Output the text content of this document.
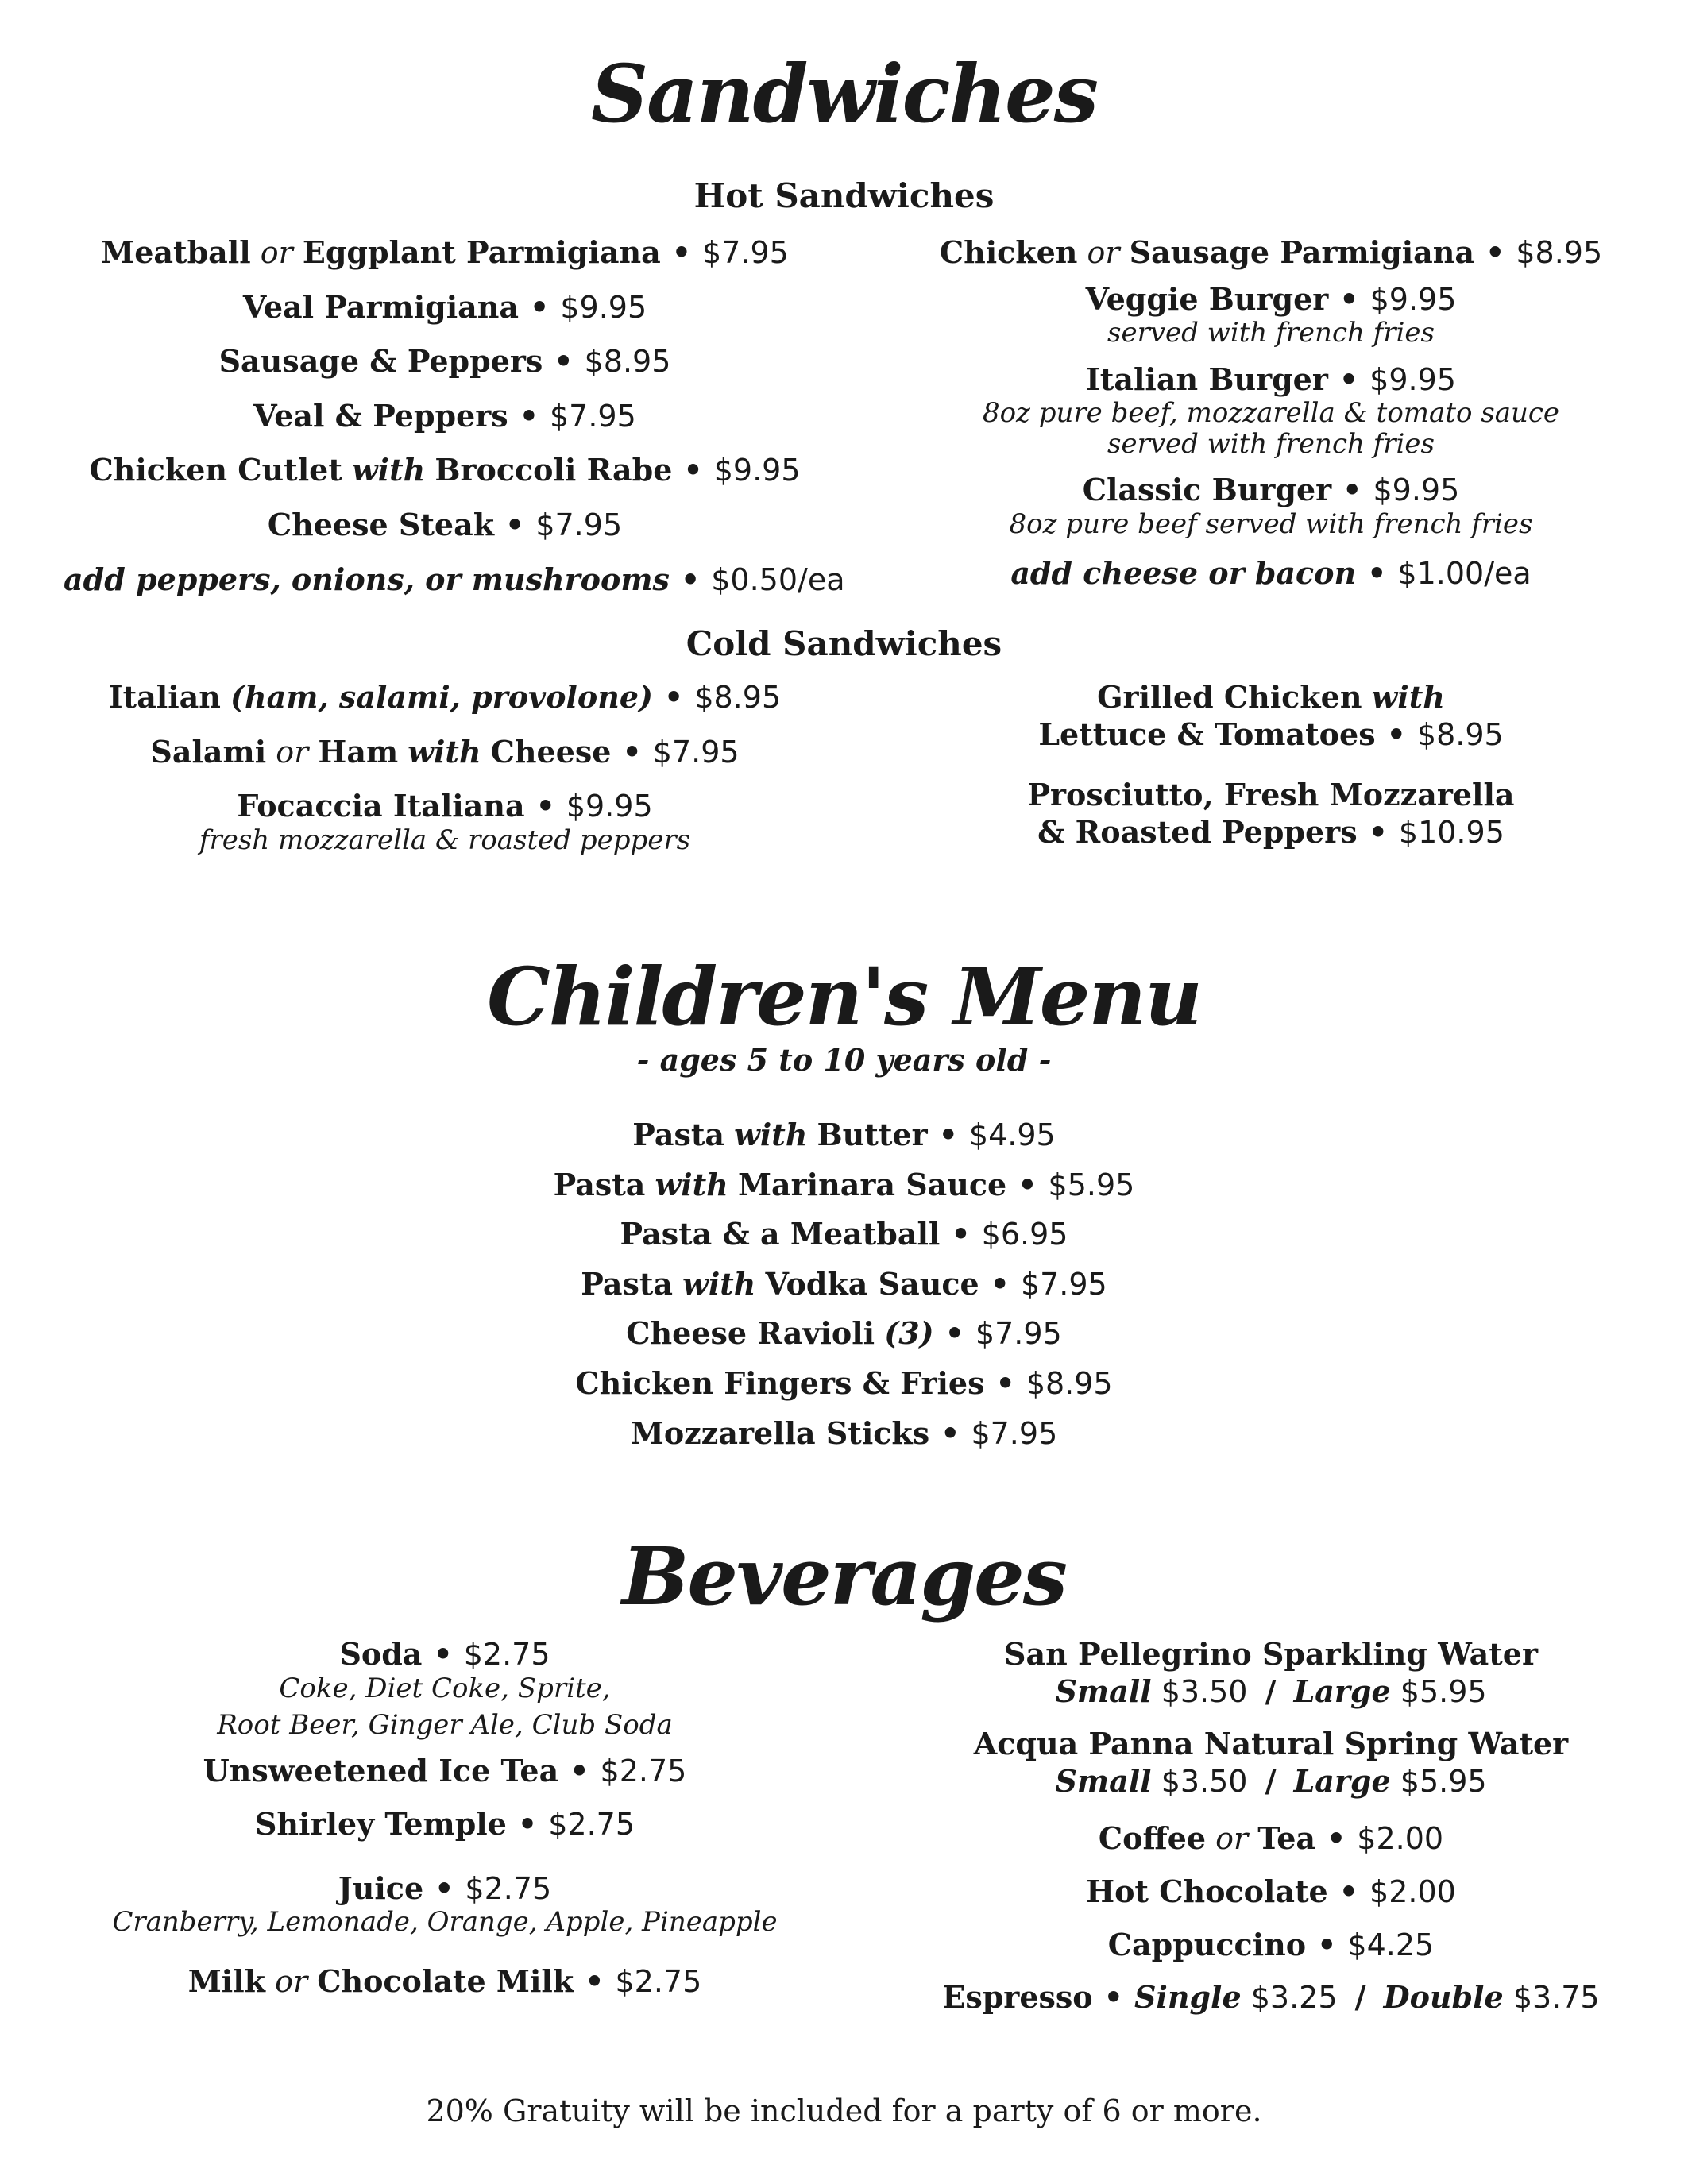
Sandwiches
Hot Sandwiches
Meatball or Eggplant Parmigiana • $7.95
Veal Parmigiana • $9.95
Sausage & Peppers • $8.95
Veal & Peppers • $7.95
Chicken Cutlet with Broccoli Rabe • $9.95
Cheese Steak • $7.95
add peppers, onions, or mushrooms • $0.50/ea
Chicken or Sausage Parmigiana • $8.95
Veggie Burger • $9.95
served with french fries
Italian Burger • $9.95
8oz pure beef, mozzarella & tomato sauce
served with french fries
Classic Burger • $9.95
8oz pure beef served with french fries
add cheese or bacon • $1.00/ea
Cold Sandwiches
Italian (ham, salami, provolone) • $8.95
Salami or Ham with Cheese • $7.95
Focaccia Italiana • $9.95
fresh mozzarella & roasted peppers
Grilled Chicken with
Lettuce & Tomatoes • $8.95
Prosciutto, Fresh Mozzarella
& Roasted Peppers • $10.95
Children's Menu
- ages 5 to 10 years old -
Pasta with Butter • $4.95
Pasta with Marinara Sauce • $5.95
Pasta & a Meatball • $6.95
Pasta with Vodka Sauce • $7.95
Cheese Ravioli (3) • $7.95
Chicken Fingers & Fries • $8.95
Mozzarella Sticks • $7.95
Beverages
Soda • $2.75
Coke, Diet Coke, Sprite,
Root Beer, Ginger Ale, Club Soda
Unsweetened Ice Tea • $2.75
Shirley Temple • $2.75
Juice • $2.75
Cranberry, Lemonade, Orange, Apple, Pineapple
Milk or Chocolate Milk • $2.75
San Pellegrino Sparkling Water
Small $3.50 / Large $5.95
Acqua Panna Natural Spring Water
Small $3.50 / Large $5.95
Coffee or Tea • $2.00
Hot Chocolate • $2.00
Cappuccino • $4.25
Espresso • Single $3.25 / Double $3.75
20% Gratuity will be included for a party of 6 or more.
